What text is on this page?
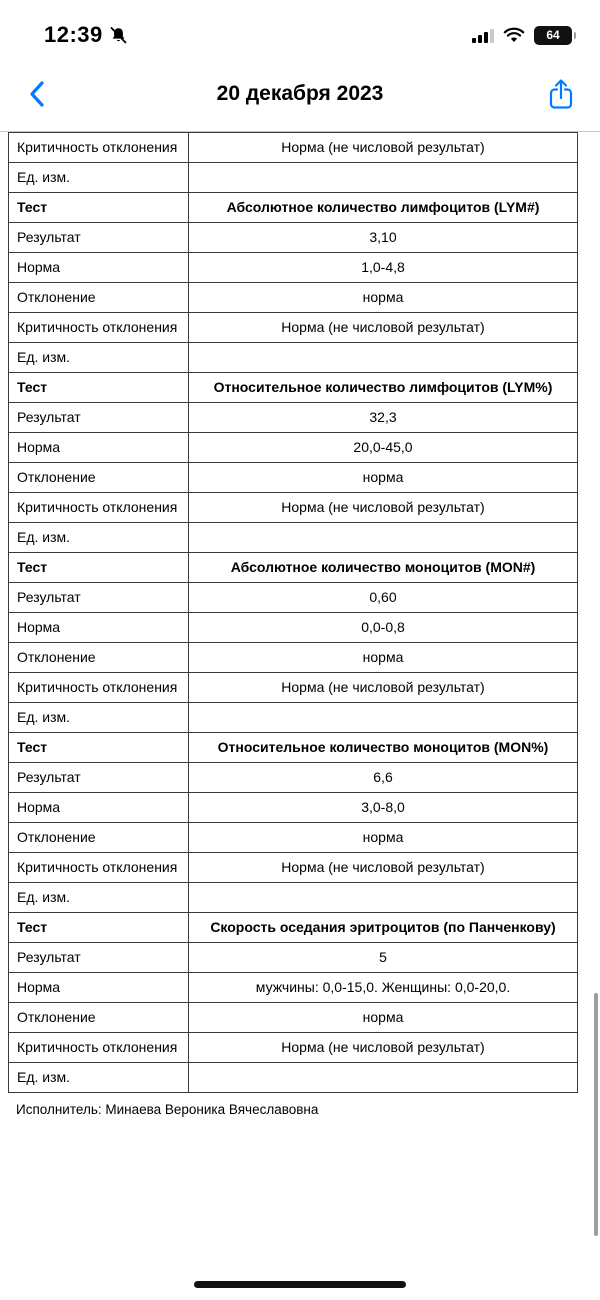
12:39	64
20 декабря 2023
Критичность отклонения	Норма (не числовой результат)
Ед. изм.	
Тест	Абсолютное количество лимфоцитов (LYM#)
Результат	3,10
Норма	1,0-4,8
Отклонение	норма
Критичность отклонения	Норма (не числовой результат)
Ед. изм.	
Тест	Относительное количество лимфоцитов (LYM%)
Результат	32,3
Норма	20,0-45,0
Отклонение	норма
Критичность отклонения	Норма (не числовой результат)
Ед. изм.	
Тест	Абсолютное количество моноцитов (MON#)
Результат	0,60
Норма	0,0-0,8
Отклонение	норма
Критичность отклонения	Норма (не числовой результат)
Ед. изм.	
Тест	Относительное количество моноцитов (MON%)
Результат	6,6
Норма	3,0-8,0
Отклонение	норма
Критичность отклонения	Норма (не числовой результат)
Ед. изм.	
Тест	Скорость оседания эритроцитов (по Панченкову)
Результат	5
Норма	мужчины: 0,0-15,0. Женщины: 0,0-20,0.
Отклонение	норма
Критичность отклонения	Норма (не числовой результат)
Ед. изм.	
Исполнитель: Минаева Вероника Вячеславовна
